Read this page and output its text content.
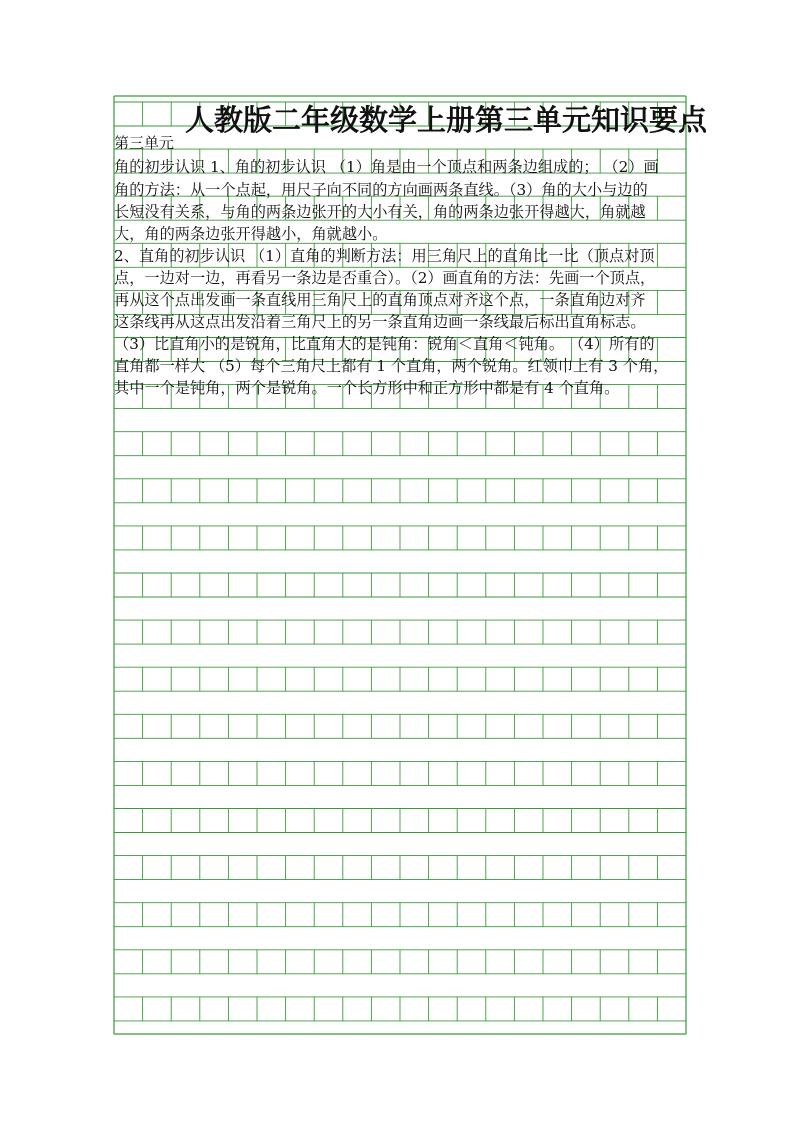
人教版二年级数学上册第三单元知识要点
第三单元
角的初步认识 1、角的初步认识 （1）角是由一个顶点和两条边组成的； （2）画
角的方法：从一个点起，用尺子向不同的方向画两条直线。（3）角的大小与边的
长短没有关系，与角的两条边张开的大小有关，角的两条边张开得越大，角就越
大，角的两条边张开得越小，角就越小。
2、直角的初步认识 （1）直角的判断方法：用三角尺上的直角比一比（顶点对顶
点，一边对一边，再看另一条边是否重合）。（2）画直角的方法：先画一个顶点，
再从这个点出发画一条直线用三角尺上的直角顶点对齐这个点，一条直角边对齐
这条线再从这点出发沿着三角尺上的另一条直角边画一条线最后标出直角标志。
（3）比直角小的是锐角，比直角大的是钝角：锐角＜直角＜钝角。 （4）所有的
直角都一样大 （5）每个三角尺上都有 1 个直角，两个锐角。红领巾上有 3 个角，
其中一个是钝角，两个是锐角。一个长方形中和正方形中都是有 4 个直角。
